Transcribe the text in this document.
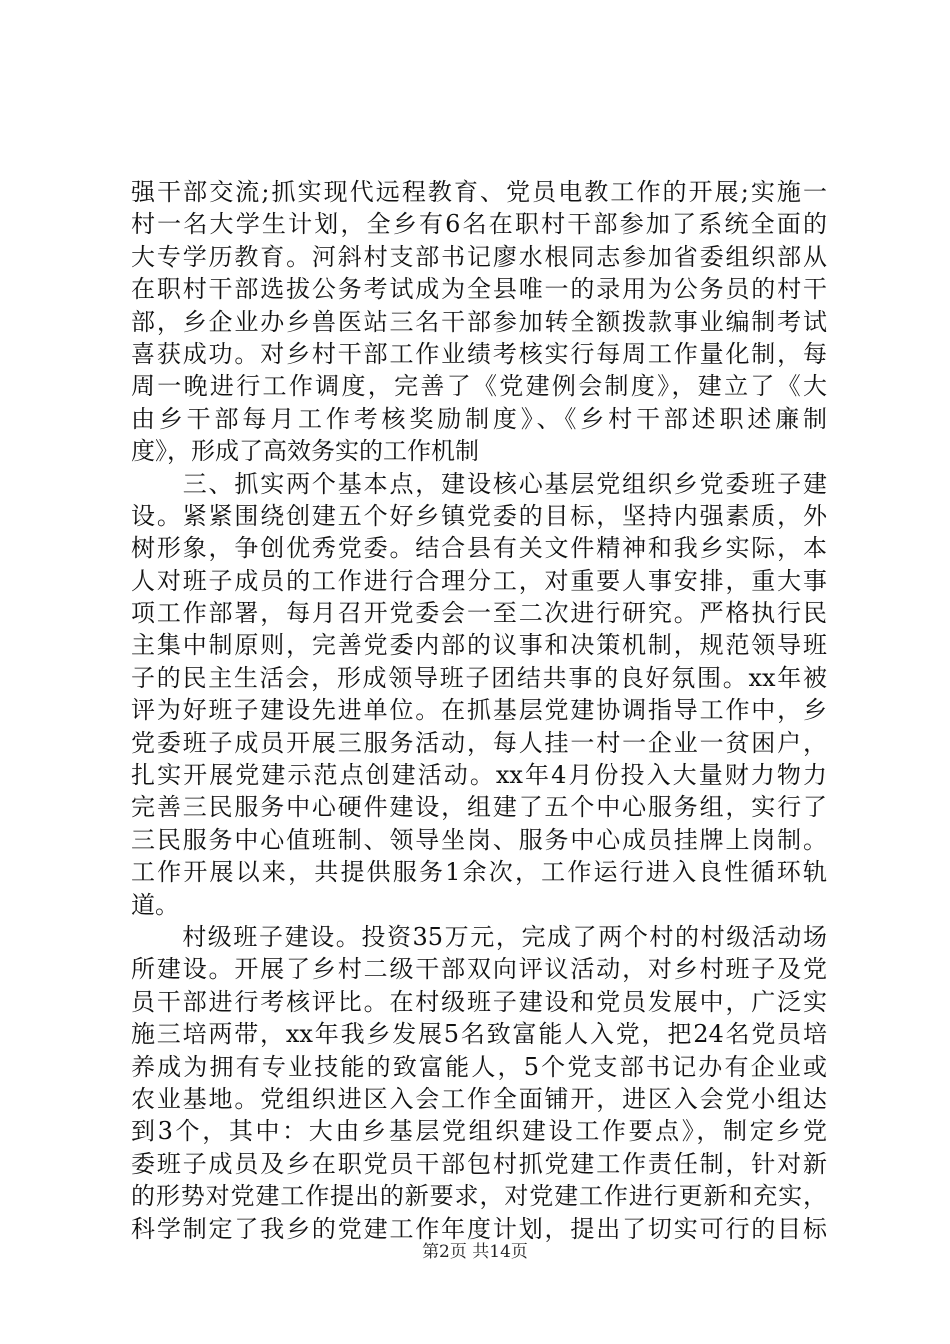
强干部交流;抓实现代远程教育、党员电教工作的开展;实施一
村一名大学生计划，全乡有6名在职村干部参加了系统全面的
大专学历教育。河斜村支部书记廖水根同志参加省委组织部从
在职村干部选拔公务考试成为全县唯一的录用为公务员的村干
部，乡企业办乡兽医站三名干部参加转全额拨款事业编制考试
喜获成功。对乡村干部工作业绩考核实行每周工作量化制，每
周一晚进行工作调度，完善了《党建例会制度》，建立了《大
由乡干部每月工作考核奖励制度》、《乡村干部述职述廉制
度》，形成了高效务实的工作机制
　　三、抓实两个基本点，建设核心基层党组织乡党委班子建
设。紧紧围绕创建五个好乡镇党委的目标，坚持内强素质，外
树形象，争创优秀党委。结合县有关文件精神和我乡实际，本
人对班子成员的工作进行合理分工，对重要人事安排，重大事
项工作部署，每月召开党委会一至二次进行研究。严格执行民
主集中制原则，完善党委内部的议事和决策机制，规范领导班
子的民主生活会，形成领导班子团结共事的良好氛围。xx年被
评为好班子建设先进单位。在抓基层党建协调指导工作中，乡
党委班子成员开展三服务活动，每人挂一村一企业一贫困户，
扎实开展党建示范点创建活动。xx年4月份投入大量财力物力
完善三民服务中心硬件建设，组建了五个中心服务组，实行了
三民服务中心值班制、领导坐岗、服务中心成员挂牌上岗制。
工作开展以来，共提供服务1余次，工作运行进入良性循环轨
道。
　　村级班子建设。投资35万元，完成了两个村的村级活动场
所建设。开展了乡村二级干部双向评议活动，对乡村班子及党
员干部进行考核评比。在村级班子建设和党员发展中，广泛实
施三培两带，xx年我乡发展5名致富能人入党，把24名党员培
养成为拥有专业技能的致富能人，5个党支部书记办有企业或
农业基地。党组织进区入会工作全面铺开，进区入会党小组达
到3个，其中：大由乡基层党组织建设工作要点》，制定乡党
委班子成员及乡在职党员干部包村抓党建工作责任制，针对新
的形势对党建工作提出的新要求，对党建工作进行更新和充实，
科学制定了我乡的党建工作年度计划，提出了切实可行的目标
第2页 共14页
